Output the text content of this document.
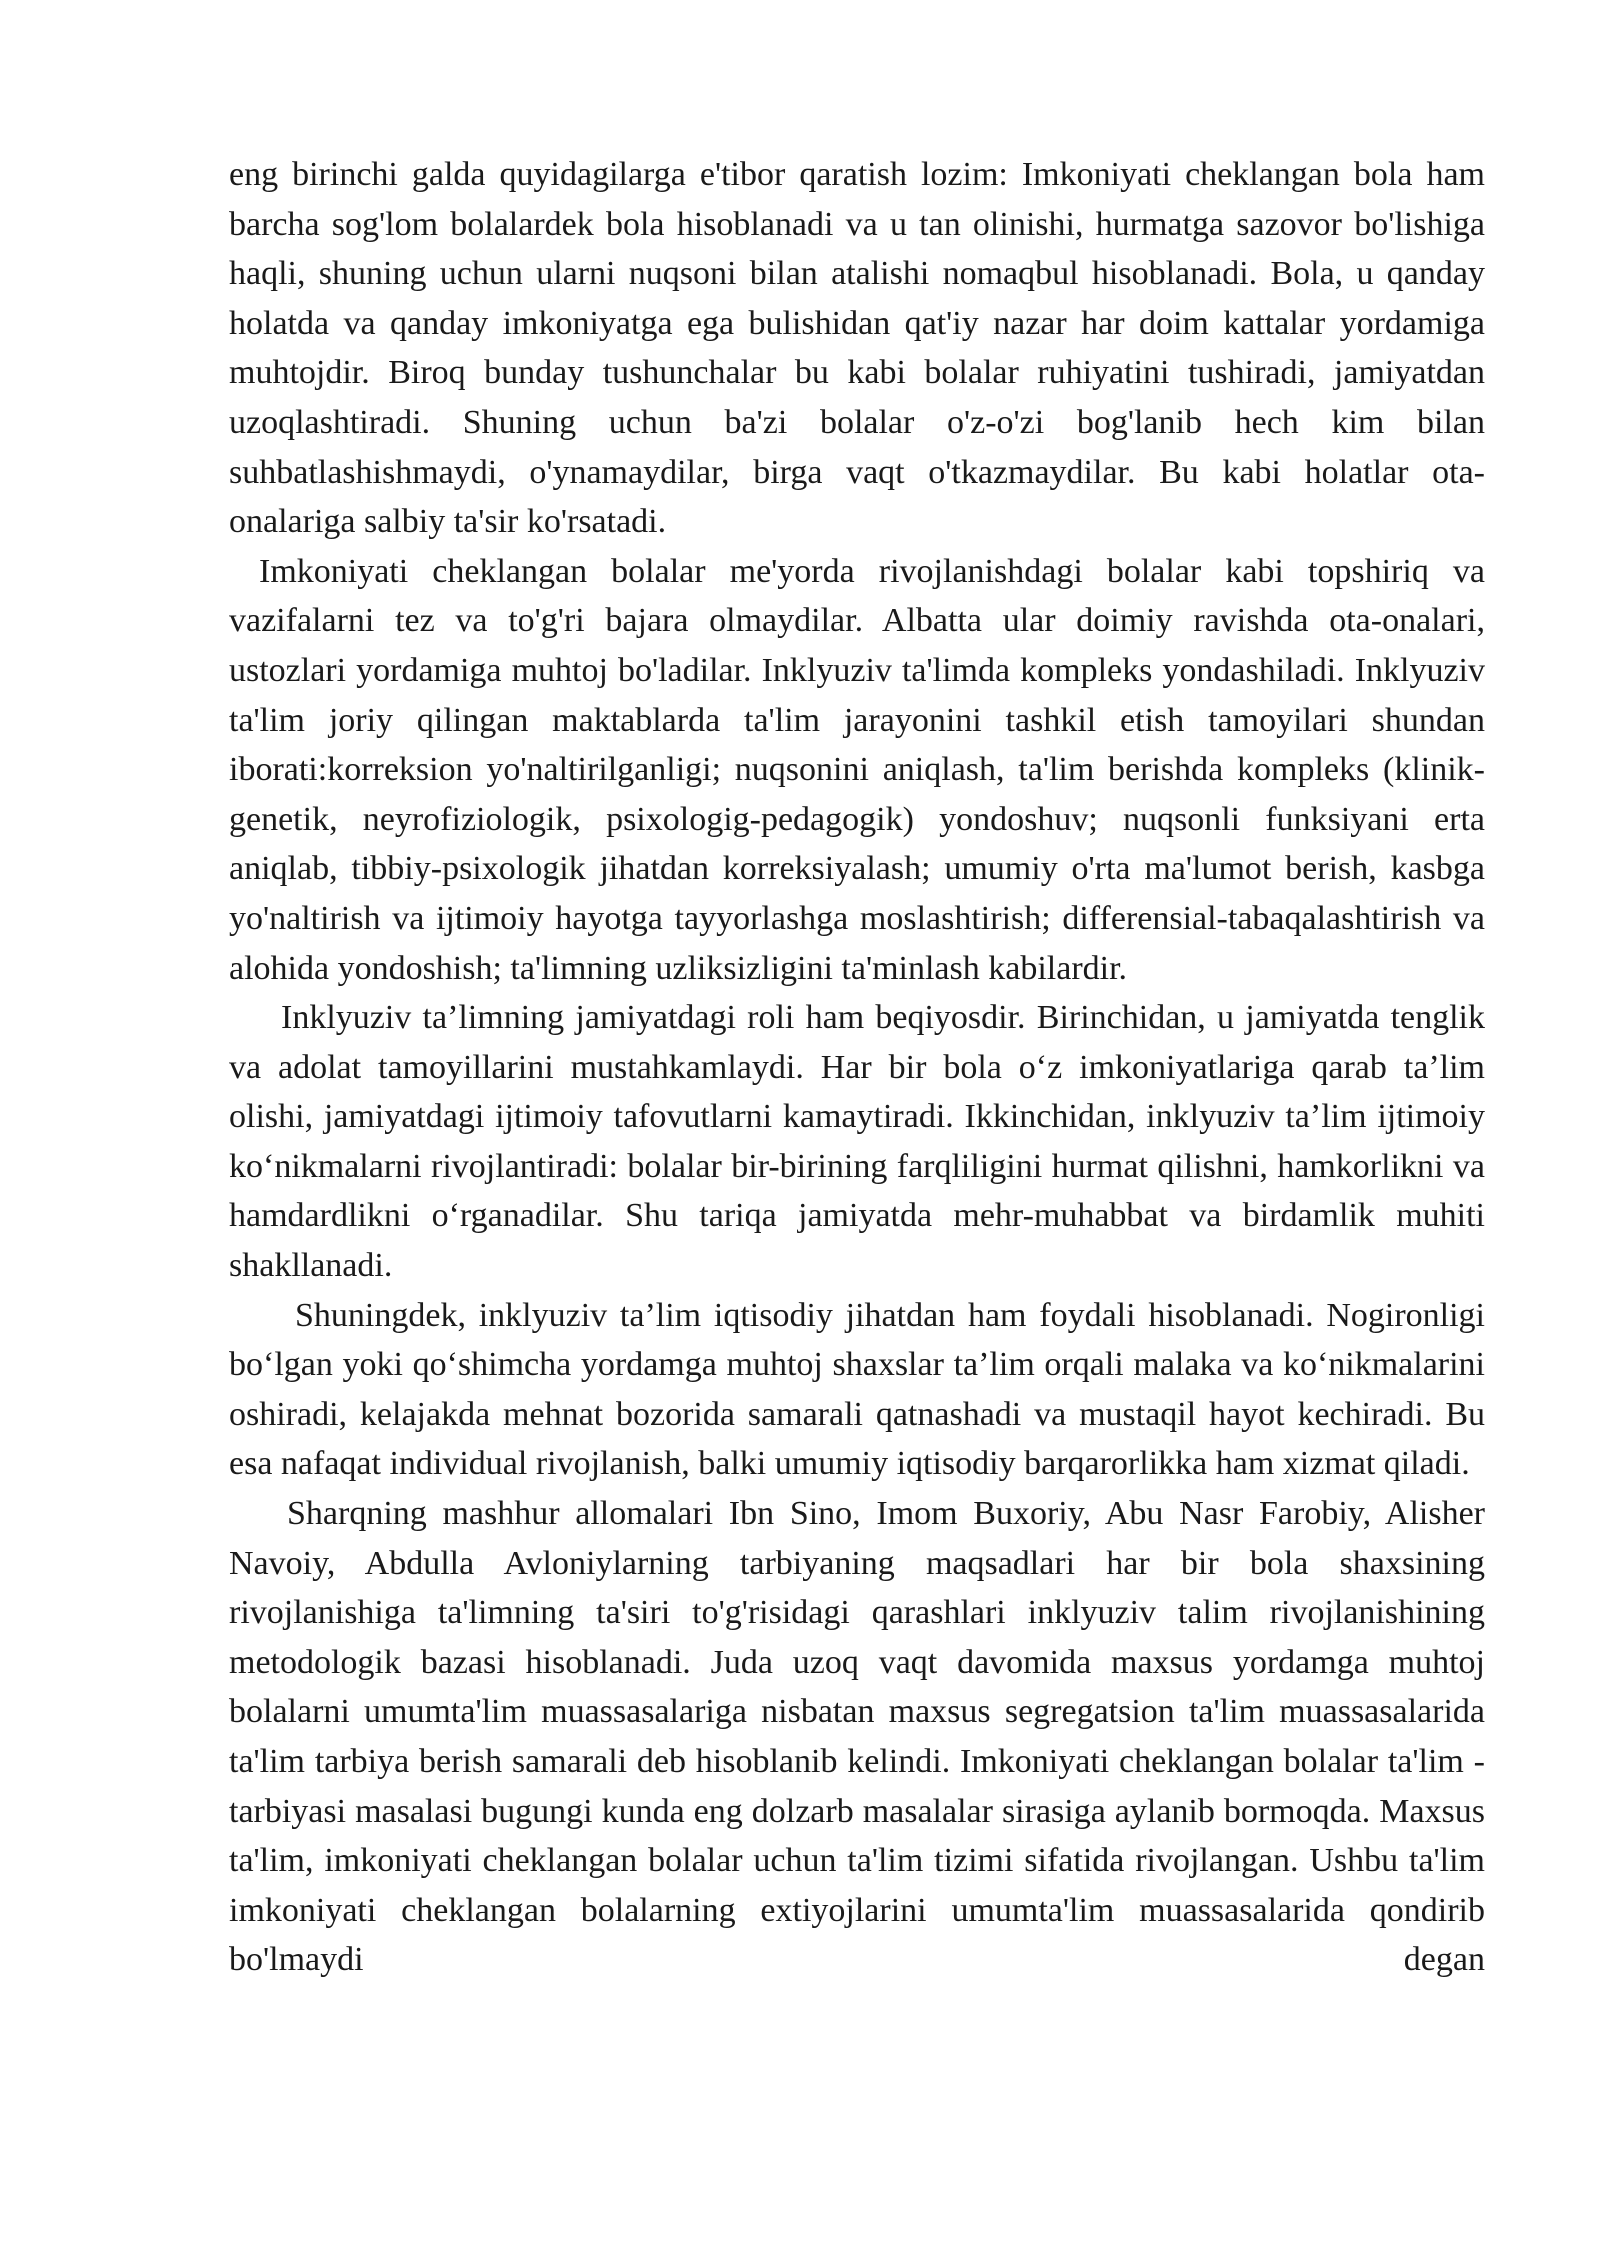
eng birinchi galda quyidagilarga e'tibor qaratish lozim: Imkoniyati cheklangan bola ham barcha sog'lom bolalardek bola hisoblanadi va u tan olinishi, hurmatga sazovor bo'lishiga haqli, shuning uchun ularni nuqsoni bilan atalishi nomaqbul hisoblanadi. Bola, u qanday holatda va qanday imkoniyatga ega bulishidan qat'iy nazar har doim kattalar yordamiga muhtojdir. Biroq bunday tushunchalar bu kabi bolalar ruhiyatini tushiradi, jamiyatdan uzoqlashtiradi. Shuning uchun ba'zi bolalar o'z-o'zi bog'lanib hech kim bilan suhbatlashishmaydi, o'ynamaydilar, birga vaqt o'tkazmaydilar. Bu kabi holatlar ota-onalariga salbiy ta'sir ko'rsatadi.

Imkoniyati cheklangan bolalar me'yorda rivojlanishdagi bolalar kabi topshiriq va vazifalarni tez va to'g'ri bajara olmaydilar. Albatta ular doimiy ravishda ota-onalari, ustozlari yordamiga muhtoj bo'ladilar. Inklyuziv ta'limda kompleks yondashiladi. Inklyuziv ta'lim joriy qilingan maktablarda ta'lim jarayonini tashkil etish tamoyilari shundan iborati:korreksion yo'naltirilganligi; nuqsonini aniqlash, ta'lim berishda kompleks (klinik-genetik, neyrofiziologik, psixologig-pedagogik) yondoshuv; nuqsonli funksiyani erta aniqlab, tibbiy-psixologik jihatdan korreksiyalash; umumiy o'rta ma'lumot berish, kasbga yo'naltirish va ijtimoiy hayotga tayyorlashga moslashtirish; differensial-tabaqalashtirish va alohida yondoshish; ta'limning uzliksizligini ta'minlash kabilardir.

Inklyuziv ta’limning jamiyatdagi roli ham beqiyosdir. Birinchidan, u jamiyatda tenglik va adolat tamoyillarini mustahkamlaydi. Har bir bola o‘z imkoniyatlariga qarab ta’lim olishi, jamiyatdagi ijtimoiy tafovutlarni kamaytiradi. Ikkinchidan, inklyuziv ta’lim ijtimoiy ko‘nikmalarni rivojlantiradi: bolalar bir-birining farqliligini hurmat qilishni, hamkorlikni va hamdardlikni o‘rganadilar. Shu tariqa jamiyatda mehr-muhabbat va birdamlik muhiti shakllanadi.

Shuningdek, inklyuziv ta’lim iqtisodiy jihatdan ham foydali hisoblanadi. Nogironligi bo‘lgan yoki qo‘shimcha yordamga muhtoj shaxslar ta’lim orqali malaka va ko‘nikmalarini oshiradi, kelajakda mehnat bozorida samarali qatnashadi va mustaqil hayot kechiradi. Bu esa nafaqat individual rivojlanish, balki umumiy iqtisodiy barqarorlikka ham xizmat qiladi.

Sharqning mashhur allomalari Ibn Sino, Imom Buxoriy, Abu Nasr Farobiy, Alisher Navoiy, Abdulla Avloniylarning tarbiyaning maqsadlari har bir bola shaxsining rivojlanishiga ta'limning ta'siri to'g'risidagi qarashlari inklyuziv talim rivojlanishining metodologik bazasi hisoblanadi. Juda uzoq vaqt davomida maxsus yordamga muhtoj bolalarni umumta'lim muassasalariga nisbatan maxsus segregatsion ta'lim muassasalarida ta'lim tarbiya berish samarali deb hisoblanib kelindi. Imkoniyati cheklangan bolalar ta'lim - tarbiyasi masalasi bugungi kunda eng dolzarb masalalar sirasiga aylanib bormoqda. Maxsus ta'lim, imkoniyati cheklangan bolalar uchun ta'lim tizimi sifatida rivojlangan. Ushbu ta'lim imkoniyati cheklangan bolalarning extiyojlarini umumta'lim muassasalarida qondirib bo'lmaydi degan
